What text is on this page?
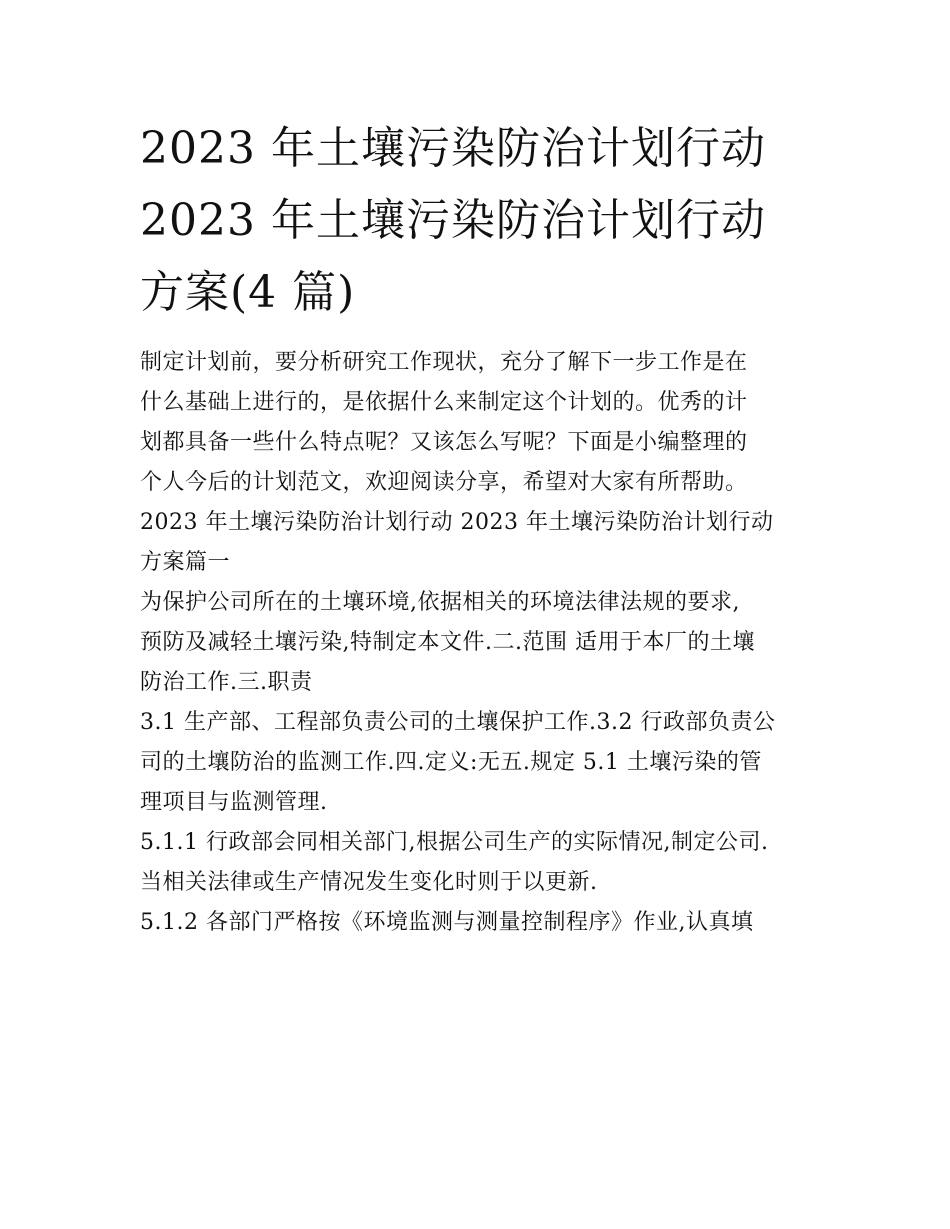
2023 年土壤污染防治计划行动
2023 年土壤污染防治计划行动
方案(4 篇)

制定计划前，要分析研究工作现状，充分了解下一步工作是在
什么基础上进行的，是依据什么来制定这个计划的。优秀的计
划都具备一些什么特点呢？又该怎么写呢？下面是小编整理的
个人今后的计划范文，欢迎阅读分享，希望对大家有所帮助。

2023 年土壤污染防治计划行动 2023 年土壤污染防治计划行动
方案篇一

为保护公司所在的土壤环境,依据相关的环境法律法规的要求,
预防及减轻土壤污染,特制定本文件.二.范围 适用于本厂的土壤
防治工作.三.职责

3.1 生产部、工程部负责公司的土壤保护工作.3.2 行政部负责公
司的土壤防治的监测工作.四.定义:无五.规定 5.1 土壤污染的管
理项目与监测管理.

5.1.1 行政部会同相关部门,根据公司生产的实际情况,制定公司.
当相关法律或生产情况发生变化时则于以更新.

5.1.2 各部门严格按《环境监测与测量控制程序》作业,认真填
